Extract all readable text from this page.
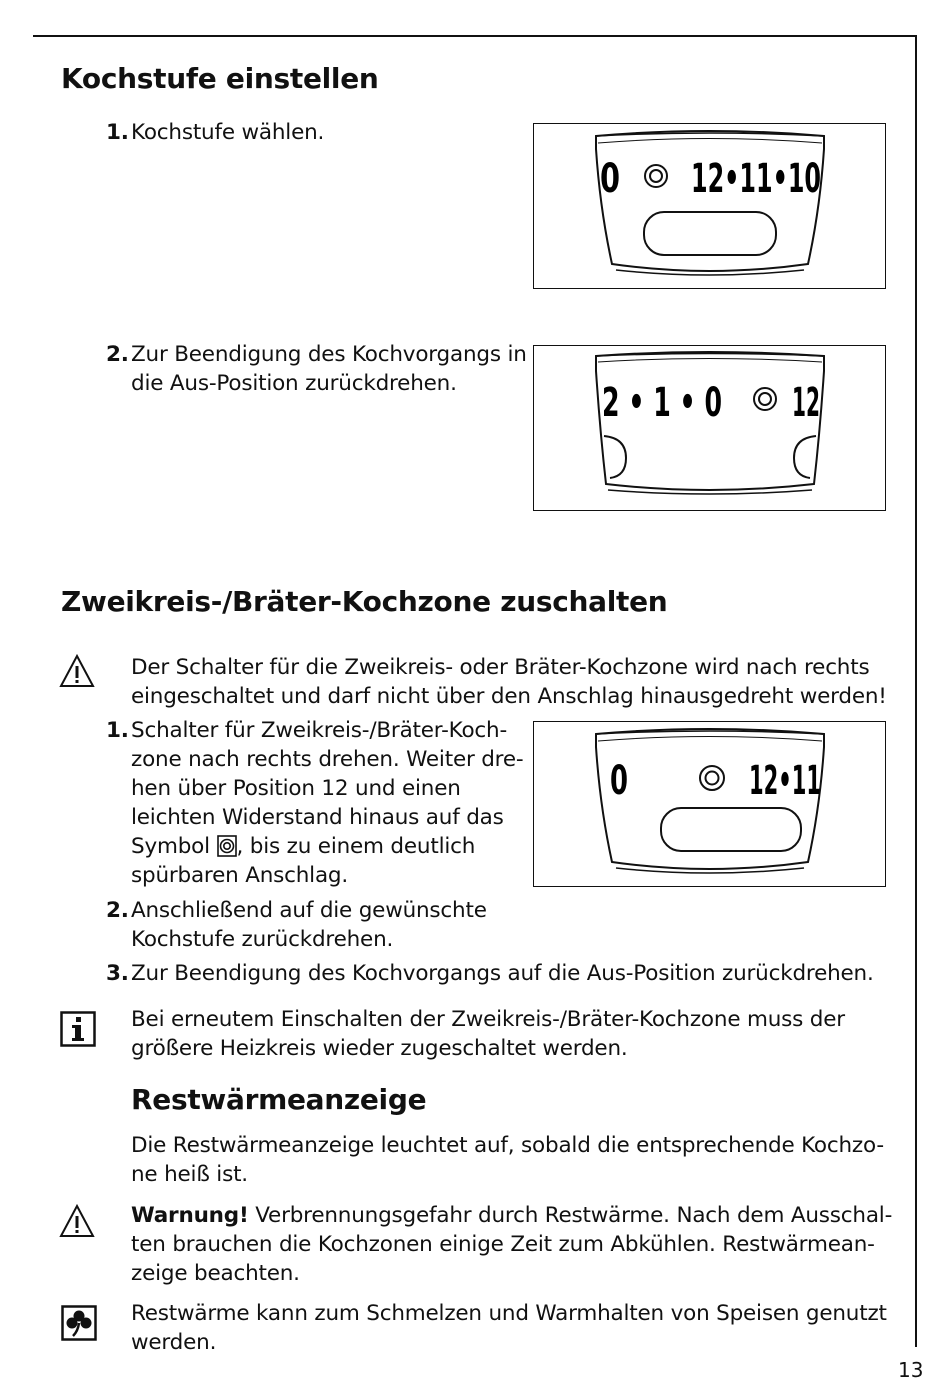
Kochstufe einstellen
1. Kochstufe wählen.
2. Zur Beendigung des Kochvorgangs in
die Aus-Position zurückdrehen.
0 12•11•10
2 • 1 • 0 12
Zweikreis-/Bräter-Kochzone zuschalten
Der Schalter für die Zweikreis- oder Bräter-Kochzone wird nach rechts
eingeschaltet und darf nicht über den Anschlag hinausgedreht werden!
1. Schalter für Zweikreis-/Bräter-Koch-
zone nach rechts drehen. Weiter dre-
hen über Position 12 und einen
leichten Widerstand hinaus auf das
Symbol , bis zu einem deutlich
spürbaren Anschlag.
0	12•11
2. Anschließend auf die gewünschte
Kochstufe zurückdrehen.
3. Zur Beendigung des Kochvorgangs auf die Aus-Position zurückdrehen.
Bei erneutem Einschalten der Zweikreis-/Bräter-Kochzone muss der
größere Heizkreis wieder zugeschaltet werden.
Restwärmeanzeige
Die Restwärmeanzeige leuchtet auf, sobald die entsprechende Kochzo-
ne heiß ist.
Warnung! Verbrennungsgefahr durch Restwärme. Nach dem Ausschal-
ten brauchen die Kochzonen einige Zeit zum Abkühlen. Restwärmean-
zeige beachten.
Restwärme kann zum Schmelzen und Warmhalten von Speisen genutzt
werden.
13
